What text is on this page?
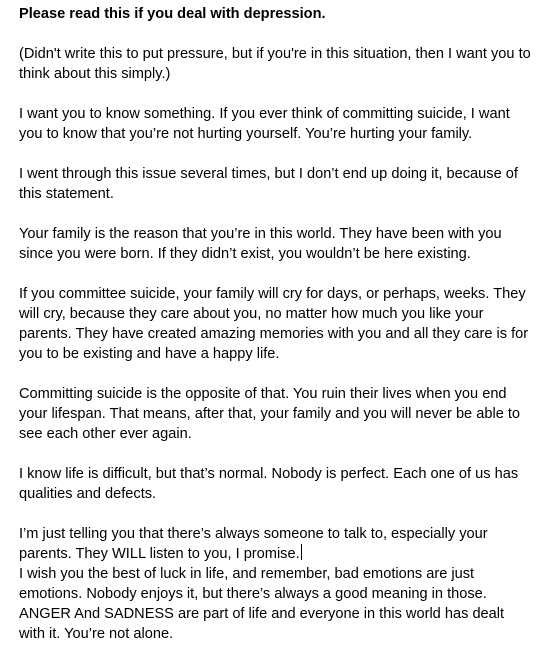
Please read this if you deal with depression.

(Didn't write this to put pressure, but if you're in this situation, then I want you to think about this simply.)

I want you to know something. If you ever think of committing suicide, I want you to know that you’re not hurting yourself. You’re hurting your family.

I went through this issue several times, but I don’t end up doing it, because of this statement.

Your family is the reason that you’re in this world. They have been with you since you were born. If they didn’t exist, you wouldn’t be here existing.

If you committee suicide, your family will cry for days, or perhaps, weeks. They will cry, because they care about you, no matter how much you like your parents. They have created amazing memories with you and all they care is for you to be existing and have a happy life.

Committing suicide is the opposite of that. You ruin their lives when you end your lifespan. That means, after that, your family and you will never be able to see each other ever again.

I know life is difficult, but that’s normal. Nobody is perfect. Each one of us has qualities and defects.

I’m just telling you that there’s always someone to talk to, especially your parents. They WILL listen to you, I promise.

I wish you the best of luck in life, and remember, bad emotions are just emotions. Nobody enjoys it, but there’s always a good meaning in those. ANGER And SADNESS are part of life and everyone in this world has dealt with it. You’re not alone.
